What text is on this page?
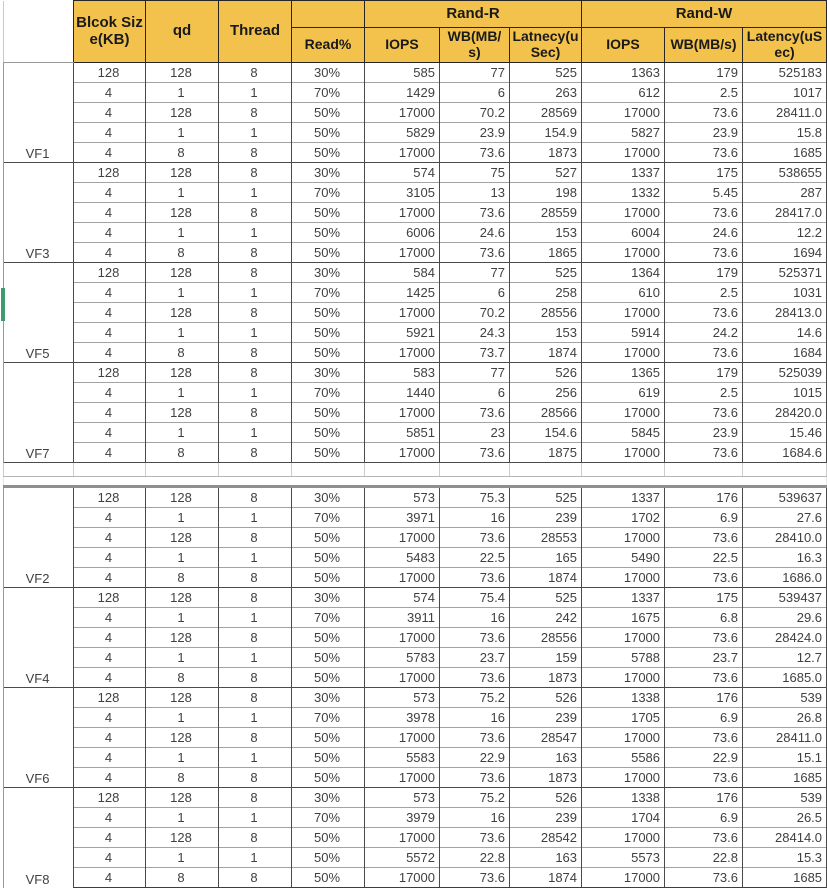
	Blcok Size(KB)	qd	Thread		Rand-R			Rand-W		
				Read%	IOPS	WB(MB/s)	Latnecy(uSec)	IOPS	WB(MB/s)	Latency(uSec)
VF1	128	128	8	30%	585	77	525	1363	179	525183
	4	1	1	70%	1429	6	263	612	2.5	1017
	4	128	8	50%	17000	70.2	28569	17000	73.6	28411.0
	4	1	1	50%	5829	23.9	154.9	5827	23.9	15.8
	4	8	8	50%	17000	73.6	1873	17000	73.6	1685
VF3	128	128	8	30%	574	75	527	1337	175	538655
	4	1	1	70%	3105	13	198	1332	5.45	287
	4	128	8	50%	17000	73.6	28559	17000	73.6	28417.0
	4	1	1	50%	6006	24.6	153	6004	24.6	12.2
	4	8	8	50%	17000	73.6	1865	17000	73.6	1694
VF5	128	128	8	30%	584	77	525	1364	179	525371
	4	1	1	70%	1425	6	258	610	2.5	1031
	4	128	8	50%	17000	70.2	28556	17000	73.6	28413.0
	4	1	1	50%	5921	24.3	153	5914	24.2	14.6
	4	8	8	50%	17000	73.7	1874	17000	73.6	1684
VF7	128	128	8	30%	583	77	526	1365	179	525039
	4	1	1	70%	1440	6	256	619	2.5	1015
	4	128	8	50%	17000	73.6	28566	17000	73.6	28420.0
	4	1	1	50%	5851	23	154.6	5845	23.9	15.46
	4	8	8	50%	17000	73.6	1875	17000	73.6	1684.6

VF2	128	128	8	30%	573	75.3	525	1337	176	539637
	4	1	1	70%	3971	16	239	1702	6.9	27.6
	4	128	8	50%	17000	73.6	28553	17000	73.6	28410.0
	4	1	1	50%	5483	22.5	165	5490	22.5	16.3
	4	8	8	50%	17000	73.6	1874	17000	73.6	1686.0
VF4	128	128	8	30%	574	75.4	525	1337	175	539437
	4	1	1	70%	3911	16	242	1675	6.8	29.6
	4	128	8	50%	17000	73.6	28556	17000	73.6	28424.0
	4	1	1	50%	5783	23.7	159	5788	23.7	12.7
	4	8	8	50%	17000	73.6	1873	17000	73.6	1685.0
VF6	128	128	8	30%	573	75.2	526	1338	176	539
	4	1	1	70%	3978	16	239	1705	6.9	26.8
	4	128	8	50%	17000	73.6	28547	17000	73.6	28411.0
	4	1	1	50%	5583	22.9	163	5586	22.9	15.1
	4	8	8	50%	17000	73.6	1873	17000	73.6	1685
VF8	128	128	8	30%	573	75.2	526	1338	176	539
	4	1	1	70%	3979	16	239	1704	6.9	26.5
	4	128	8	50%	17000	73.6	28542	17000	73.6	28414.0
	4	1	1	50%	5572	22.8	163	5573	22.8	15.3
	4	8	8	50%	17000	73.6	1874	17000	73.6	1685
